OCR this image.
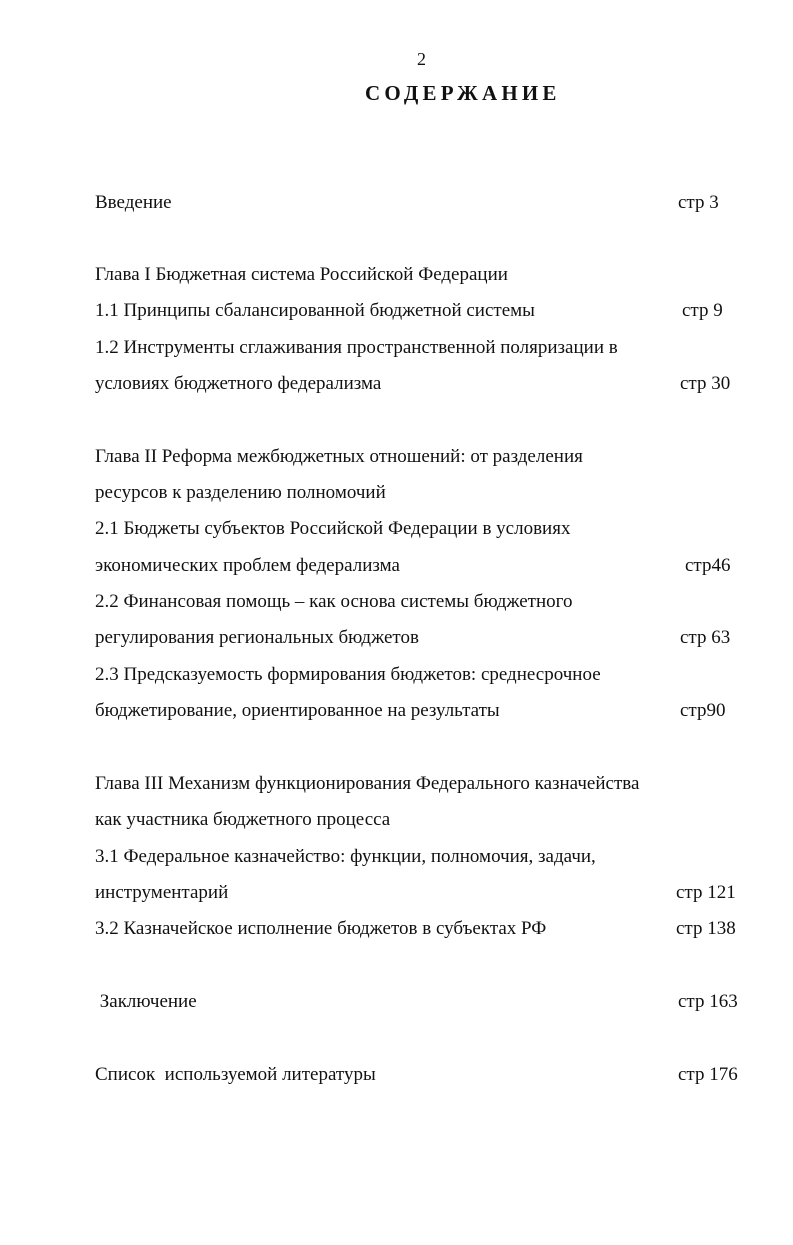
2
СОДЕРЖАНИЕ
Введение	стр 3
Глава I Бюджетная система Российской Федерации
1.1 Принципы сбалансированной бюджетной системы	стр 9
1.2 Инструменты сглаживания пространственной поляризации в
условиях бюджетного федерализма	стр 30
Глава II Реформа межбюджетных отношений: от разделения
ресурсов к разделению полномочий
2.1 Бюджеты субъектов Российской Федерации в условиях
экономических проблем федерализма	стр46
2.2 Финансовая помощь – как основа системы бюджетного
регулирования региональных бюджетов	стр 63
2.3 Предсказуемость формирования бюджетов: среднесрочное
бюджетирование, ориентированное на результаты	стр90
Глава III Механизм функционирования Федерального казначейства
как участника бюджетного процесса
3.1 Федеральное казначейство: функции, полномочия, задачи,
инструментарий	стр 121
3.2 Казначейское исполнение бюджетов в субъектах РФ	стр 138
Заключение	стр 163
Список  используемой литературы	стр 176
